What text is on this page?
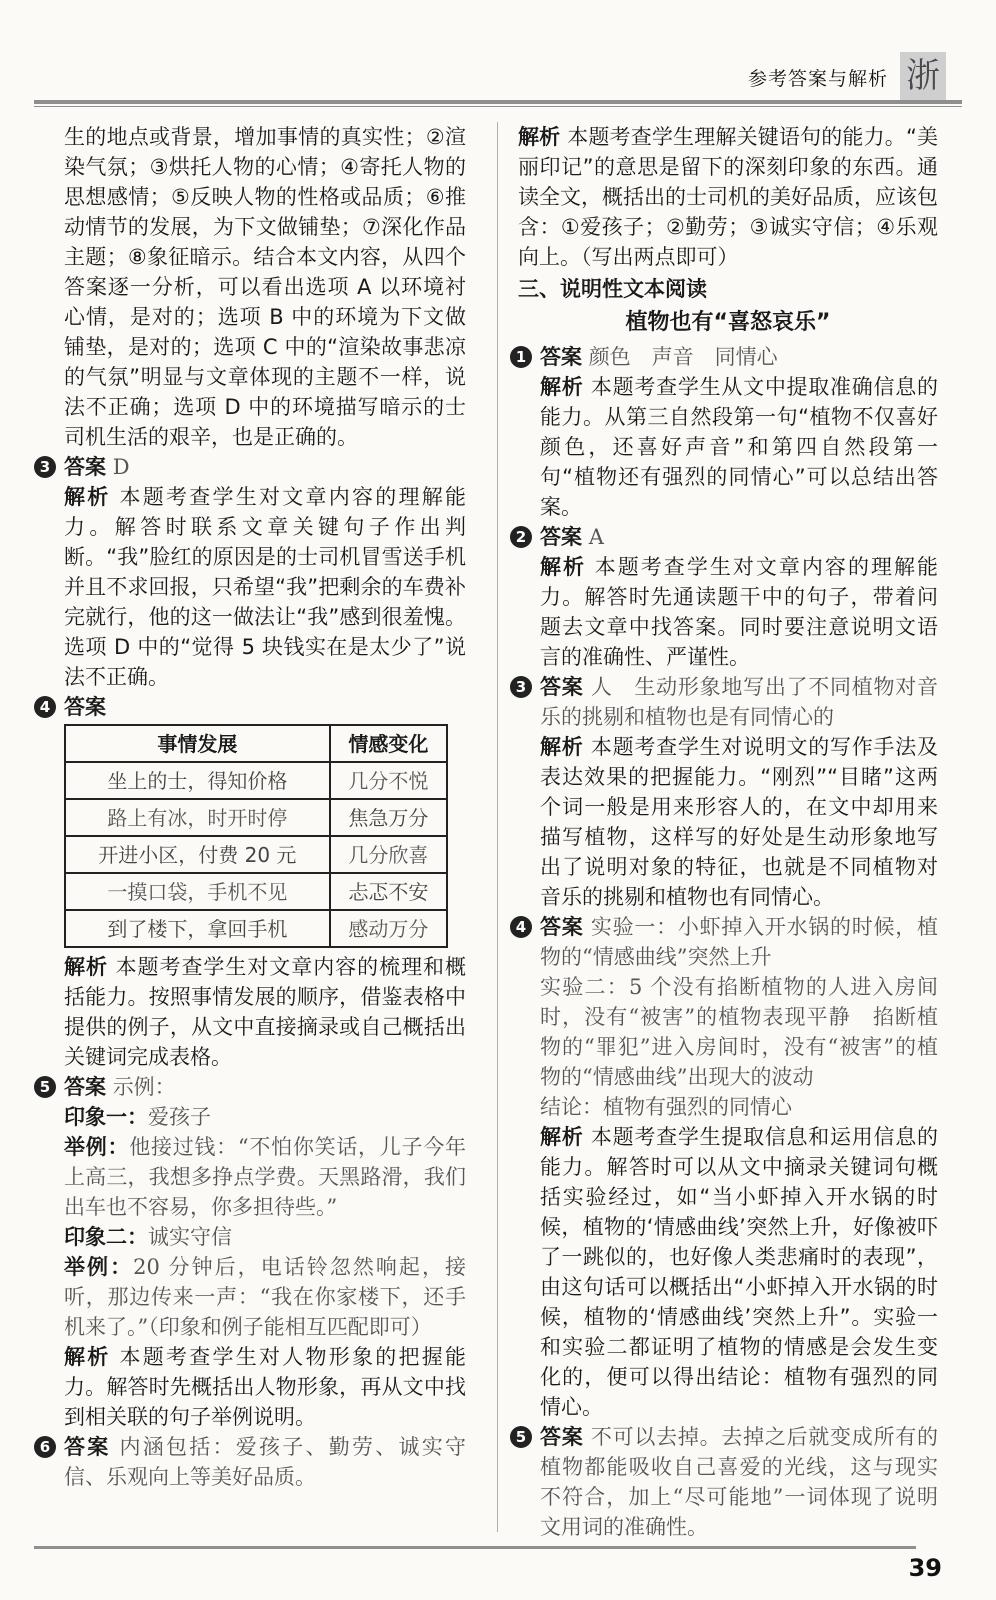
参考答案与解析 浙

生的地点或背景，增加事情的真实性；②渲染气氛；③烘托人物的心情；④寄托人物的思想感情；⑤反映人物的性格或品质；⑥推动情节的发展，为下文做铺垫；⑦深化作品主题；⑧象征暗示。结合本文内容，从四个答案逐一分析，可以看出选项 A 以环境衬心情，是对的；选项 B 中的环境为下文做铺垫，是对的；选项 C 中的“渲染故事悲凉的气氛”明显与文章体现的主题不一样，说法不正确；选项 D 中的环境描写暗示的士司机生活的艰辛，也是正确的。

3 答案 D

解析 本题考查学生对文章内容的理解能力。解答时联系文章关键句子作出判断。“我”脸红的原因是的士司机冒雪送手机并且不求回报，只希望“我”把剩余的车费补完就行，他的这一做法让“我”感到很羞愧。选项 D 中的“觉得 5 块钱实在是太少了”说法不正确。

4 答案

事情发展	情感变化
坐上的士，得知价格	几分不悦
路上有冰，时开时停	焦急万分
开进小区，付费 20 元	几分欣喜
一摸口袋，手机不见	忐忑不安
到了楼下，拿回手机	感动万分

解析 本题考查学生对文章内容的梳理和概括能力。按照事情发展的顺序，借鉴表格中提供的例子，从文中直接摘录或自己概括出关键词完成表格。

5 答案 示例：

印象一：爱孩子

举例：他接过钱：“不怕你笑话，儿子今年上高三，我想多挣点学费。天黑路滑，我们出车也不容易，你多担待些。”

印象二：诚实守信

举例：20 分钟后，电话铃忽然响起，接听，那边传来一声：“我在你家楼下，还手机来了。”（印象和例子能相互匹配即可）

解析 本题考查学生对人物形象的把握能力。解答时先概括出人物形象，再从文中找到相关联的句子举例说明。

6 答案 内涵包括：爱孩子、勤劳、诚实守信、乐观向上等美好品质。

解析 本题考查学生理解关键语句的能力。“美丽印记”的意思是留下的深刻印象的东西。通读全文，概括出的士司机的美好品质，应该包含：①爱孩子；②勤劳；③诚实守信；④乐观向上。（写出两点即可）

三、说明性文本阅读

植物也有“喜怒哀乐”

1 答案 颜色　声音　同情心

解析 本题考查学生从文中提取准确信息的能力。从第三自然段第一句“植物不仅喜好颜色，还喜好声音”和第四自然段第一句“植物还有强烈的同情心”可以总结出答案。

2 答案 A

解析 本题考查学生对文章内容的理解能力。解答时先通读题干中的句子，带着问题去文章中找答案。同时要注意说明文语言的准确性、严谨性。

3 答案 人　生动形象地写出了不同植物对音乐的挑剔和植物也是有同情心的

解析 本题考查学生对说明文的写作手法及表达效果的把握能力。“刚烈”“目睹”这两个词一般是用来形容人的，在文中却用来描写植物，这样写的好处是生动形象地写出了说明对象的特征，也就是不同植物对音乐的挑剔和植物也有同情心。

4 答案 实验一：小虾掉入开水锅的时候，植物的“情感曲线”突然上升

实验二：5 个没有掐断植物的人进入房间时，没有“被害”的植物表现平静　掐断植物的“罪犯”进入房间时，没有“被害”的植物的“情感曲线”出现大的波动

结论：植物有强烈的同情心

解析 本题考查学生提取信息和运用信息的能力。解答时可以从文中摘录关键词句概括实验经过，如“当小虾掉入开水锅的时候，植物的‘情感曲线’突然上升，好像被吓了一跳似的，也好像人类悲痛时的表现”，由这句话可以概括出“小虾掉入开水锅的时候，植物的‘情感曲线’突然上升”。实验一和实验二都证明了植物的情感是会发生变化的，便可以得出结论：植物有强烈的同情心。

5 答案 不可以去掉。去掉之后就变成所有的植物都能吸收自己喜爱的光线，这与现实不符合，加上“尽可能地”一词体现了说明文用词的准确性。

39
